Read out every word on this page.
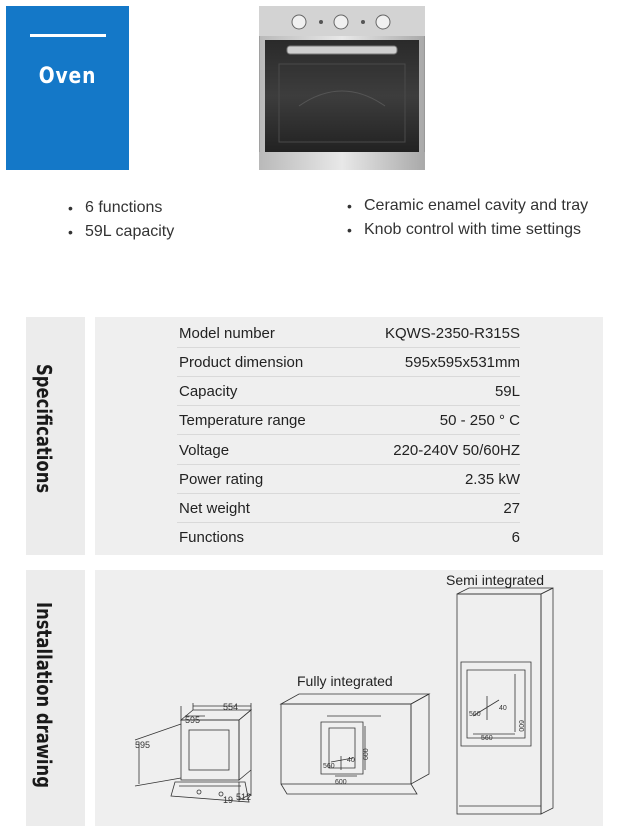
Oven
• 6 functions
• 59L capacity
• Ceramic enamel cavity and tray
• Knob control with time settings
Specifications
Model number	KQWS-2350-R315S
Product dimension	595x595x531mm
Capacity	59L
Temperature range	50 - 250 ° C
Voltage	220-240V 50/60HZ
Power rating	2.35 kW
Net weight	27
Functions	6
Installation drawing	554
595
595
19 512
560
40
600
600
560
40
600
560
Semi integrated
Fully integrated
